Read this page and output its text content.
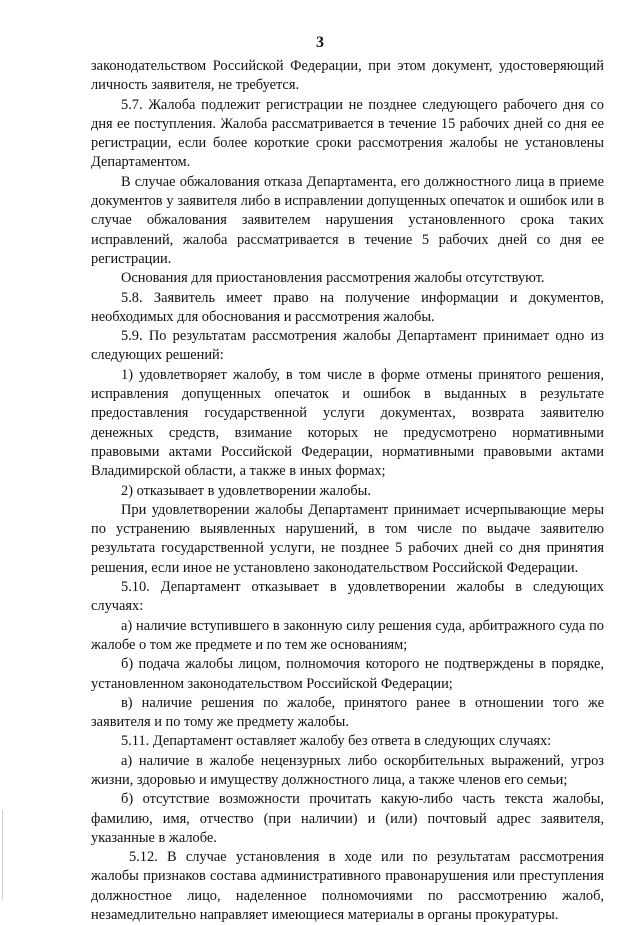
3

законодательством Российской Федерации, при этом документ, удостоверяющий личность заявителя, не требуется.

5.7. Жалоба подлежит регистрации не позднее следующего рабочего дня со дня ее поступления. Жалоба рассматривается в течение 15 рабочих дней со дня ее регистрации, если более короткие сроки рассмотрения жалобы не установлены Департаментом.

В случае обжалования отказа Департамента, его должностного лица в приеме документов у заявителя либо в исправлении допущенных опечаток и ошибок или в случае обжалования заявителем нарушения установленного срока таких исправлений, жалоба рассматривается в течение 5 рабочих дней со дня ее регистрации.

Основания для приостановления рассмотрения жалобы отсутствуют.

5.8. Заявитель имеет право на получение информации и документов, необходимых для обоснования и рассмотрения жалобы.

5.9. По результатам рассмотрения жалобы Департамент принимает одно из следующих решений:

1) удовлетворяет жалобу, в том числе в форме отмены принятого решения, исправления допущенных опечаток и ошибок в выданных в результате предоставления государственной услуги документах, возврата заявителю денежных средств, взимание которых не предусмотрено нормативными правовыми актами Российской Федерации, нормативными правовыми актами Владимирской области, а также в иных формах;

2) отказывает в удовлетворении жалобы.

При удовлетворении жалобы Департамент принимает исчерпывающие меры по устранению выявленных нарушений, в том числе по выдаче заявителю результата государственной услуги, не позднее 5 рабочих дней со дня принятия решения, если иное не установлено законодательством Российской Федерации.

5.10. Департамент отказывает в удовлетворении жалобы в следующих случаях:

а) наличие вступившего в законную силу решения суда, арбитражного суда по жалобе о том же предмете и по тем же основаниям;

б) подача жалобы лицом, полномочия которого не подтверждены в порядке, установленном законодательством Российской Федерации;

в) наличие решения по жалобе, принятого ранее в отношении того же заявителя и по тому же предмету жалобы.

5.11. Департамент оставляет жалобу без ответа в следующих случаях:

а) наличие в жалобе нецензурных либо оскорбительных выражений, угроз жизни, здоровью и имуществу должностного лица, а также членов его семьи;

б) отсутствие возможности прочитать какую-либо часть текста жалобы, фамилию, имя, отчество (при наличии) и (или) почтовый адрес заявителя, указанные в жалобе.

5.12. В случае установления в ходе или по результатам рассмотрения жалобы признаков состава административного правонарушения или преступления должностное лицо, наделенное полномочиями по рассмотрению жалоб, незамедлительно направляет имеющиеся материалы в органы прокуратуры.
